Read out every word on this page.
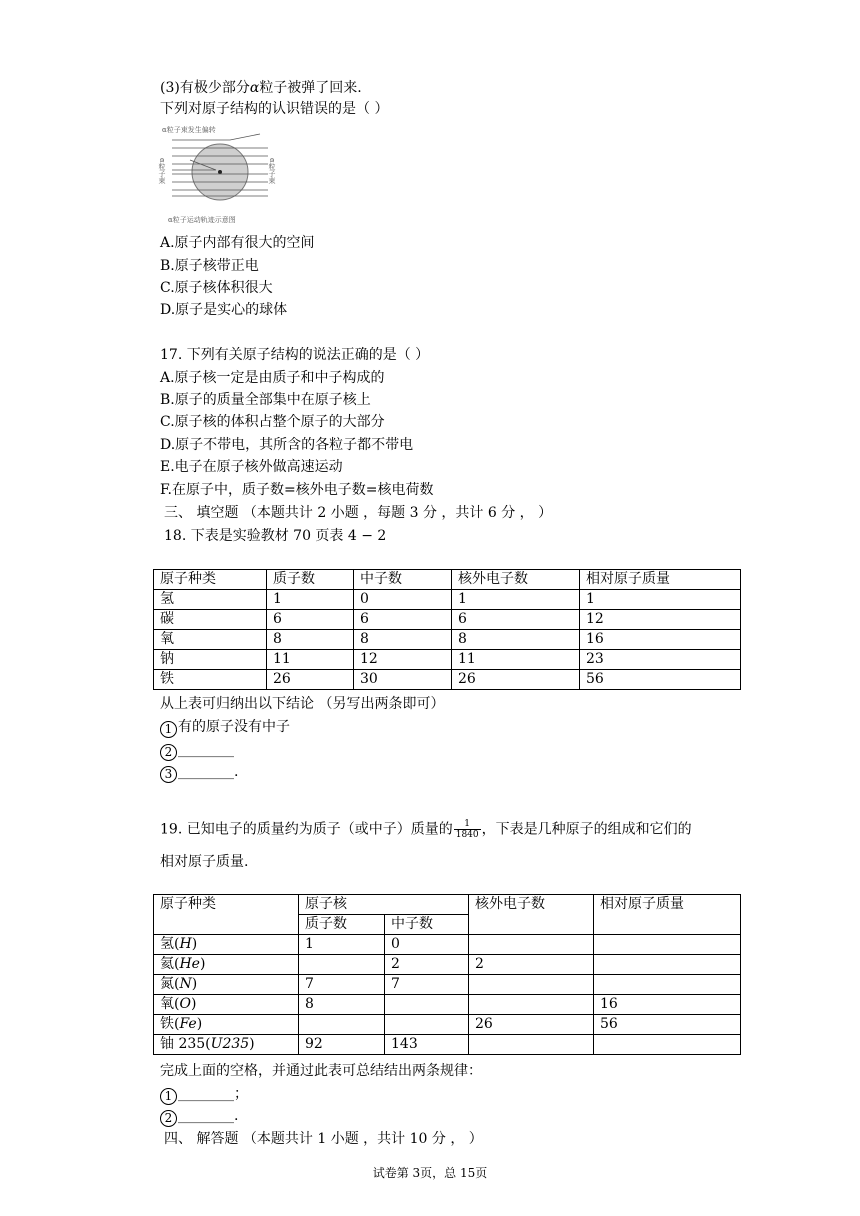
(3)有极少部分α粒子被弹了回来.
下列对原子结构的认识错误的是（ ）
α粒子束发生偏转
α粒子束	α粒子束
α粒子运动轨迹示意图
A.原子内部有很大的空间
B.原子核带正电
C.原子核体积很大
D.原子是实心的球体
17. 下列有关原子结构的说法正确的是（ ）
A.原子核一定是由质子和中子构成的
B.原子的质量全部集中在原子核上
C.原子核的体积占整个原子的大部分
D.原子不带电，其所含的各粒子都不带电
E.电子在原子核外做高速运动
F.在原子中，质子数=核外电子数=核电荷数
三、 填空题 （本题共计 2 小题 ，每题 3 分 ，共计 6 分 ， ）
18. 下表是实验教材 70 页表 4 − 2
原子种类	质子数	中子数	核外电子数	相对原子质量
氢	1	0	1	1
碳	6	6	6	12
氧	8	8	8	16
钠	11	12	11	23
铁	26	30	26	56
从上表可归纳出以下结论 （另写出两条即可）
1 有的原子没有中子
2 ________
3 ________.
19. 已知电子的质量约为质子（或中子）质量的 $\frac{1}{1840}$ ，下表是几种原子的组成和它们的
相对原子质量.
原子种类	原子核		核外电子数	相对原子质量
	质子数	中子数		
氢(H)	1	0		
氦(He)		2	2	
氮(N)	7	7		
氧(O)	8			16
铁(Fe)			26	56
铀 235(U235)	92	143		
完成上面的空格，并通过此表可总结结出两条规律：
1 ________；
2 ________.
四、 解答题 （本题共计 1 小题 ，共计 10 分 ， ）
试卷第 3页，总 15页
